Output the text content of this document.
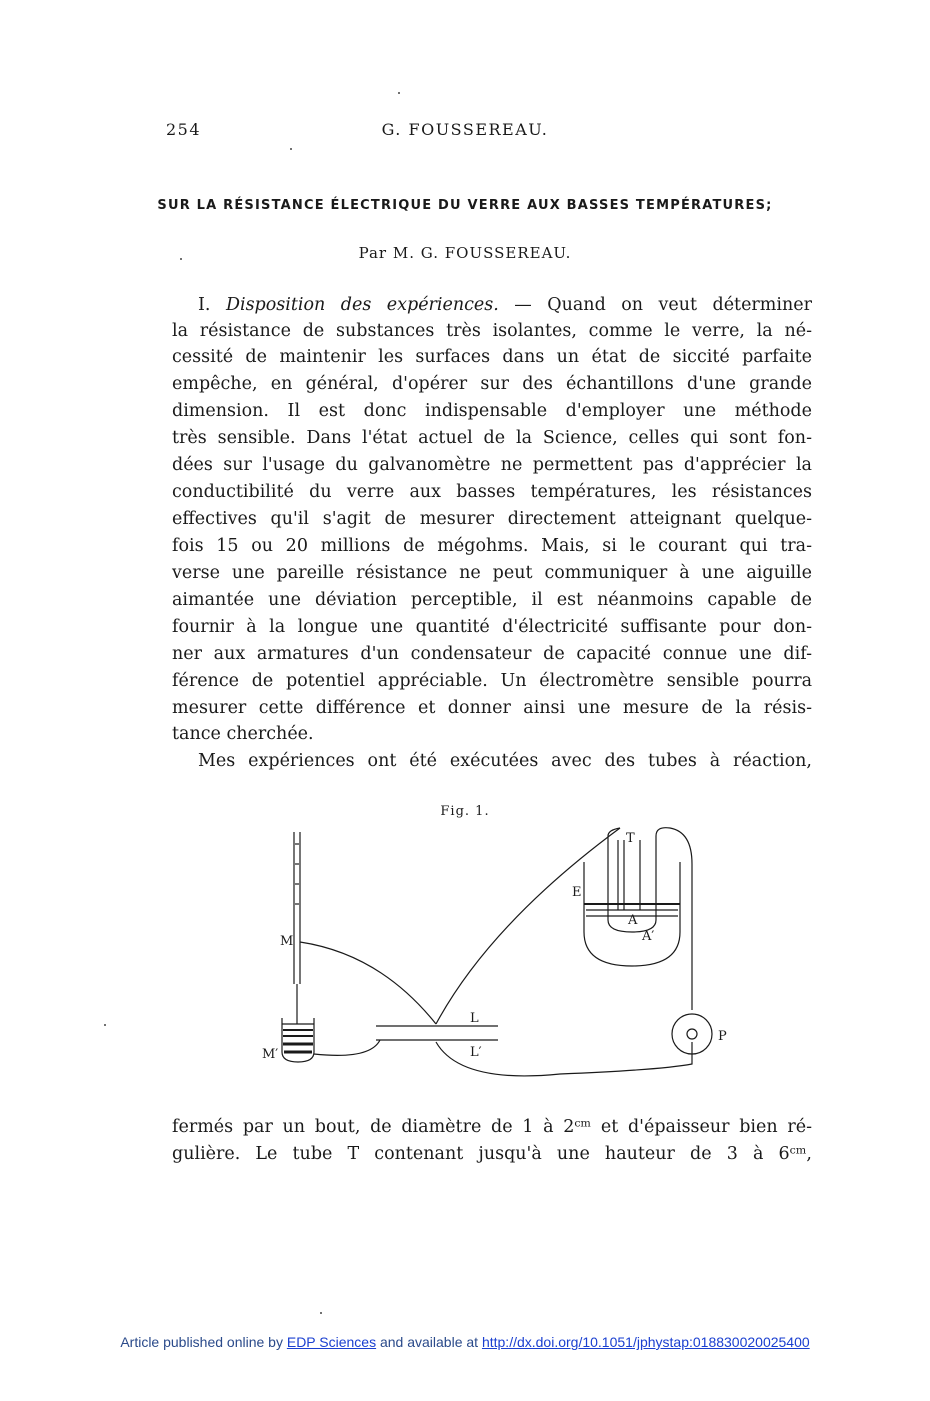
254	G. FOUSSEREAU.
SUR LA RÉSISTANCE ÉLECTRIQUE DU VERRE AUX BASSES TEMPÉRATURES;
Par M. G. FOUSSEREAU.
I. Disposition des expériences. — Quand on veut déterminer
la résistance de substances très isolantes, comme le verre, la né-
cessité de maintenir les surfaces dans un état de siccité parfaite
empêche, en général, d'opérer sur des échantillons d'une grande
dimension. Il est donc indispensable d'employer une méthode
très sensible. Dans l'état actuel de la Science, celles qui sont fon-
dées sur l'usage du galvanomètre ne permettent pas d'apprécier la
conductibilité du verre aux basses températures, les résistances
effectives qu'il s'agit de mesurer directement atteignant quelque-
fois 15 ou 20 millions de mégohms. Mais, si le courant qui tra-
verse une pareille résistance ne peut communiquer à une aiguille
aimantée une déviation perceptible, il est néanmoins capable de
fournir à la longue une quantité d'électricité suffisante pour don-
ner aux armatures d'un condensateur de capacité connue une dif-
férence de potentiel appréciable. Un électromètre sensible pourra
mesurer cette différence et donner ainsi une mesure de la résis-
tance cherchée.
Mes expériences ont été exécutées avec des tubes à réaction,
Fig. 1.
M
M′
L
L′
T
E
A
A′
P
fermés par un bout, de diamètre de 1 à 2ᶜᵐ et d'épaisseur bien ré-
gulière. Le tube T contenant jusqu'à une hauteur de 3 à 6ᶜᵐ,
Article published online by EDP Sciences and available at http://dx.doi.org/10.1051/jphystap:018830020025400
